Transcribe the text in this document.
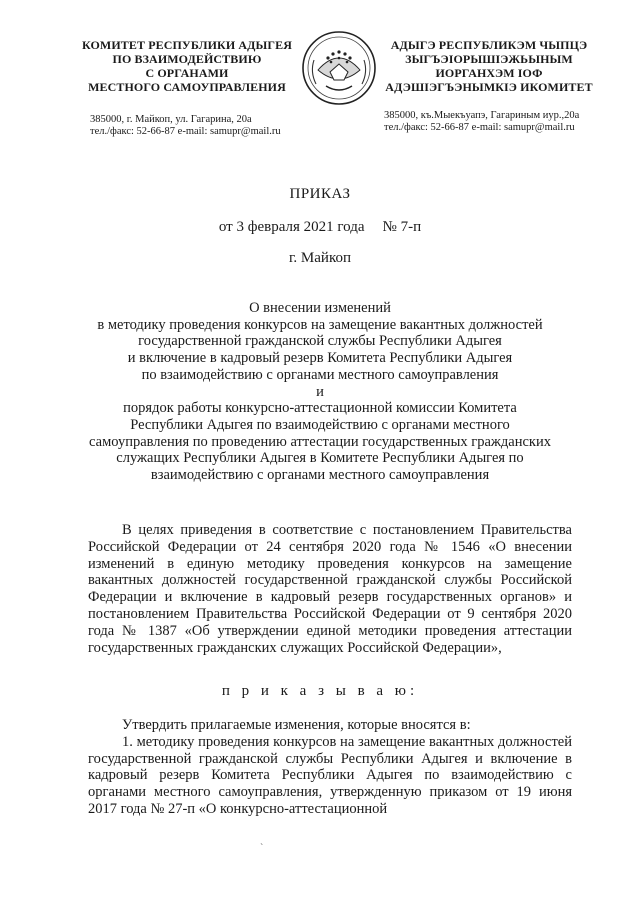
КОМИТЕТ РЕСПУБЛИКИ АДЫГЕЯ
ПО ВЗАИМОДЕЙСТВИЮ
С ОРГАНАМИ
МЕСТНОГО САМОУПРАВЛЕНИЯ
385000, г. Майкоп, ул. Гагарина, 20а
тел./факс: 52-66-87 e-mail: samupr@mail.ru
АДЫГЭ РЕСПУБЛИКЭМ ЧЫПЦЭ
ЗЫГЪЭІОРЫШІЭЖЬЫНЫМ
ИОРГАНХЭМ ІОФ
АДЭШІЭГЪЭНЫМКІЭ ИКОМИТЕТ
385000, къ.Мыекъуапэ, Гагариным иур.,20а
тел./факс: 52-66-87 e-mail: samupr@mail.ru
ПРИКАЗ
от 3 февраля 2021 года № 7-п
г. Майкоп
О внесении изменений
в методику проведения конкурсов на замещение вакантных должностей
государственной гражданской службы Республики Адыгея
и включение в кадровый резерв Комитета Республики Адыгея
по взаимодействию с органами местного самоуправления
и
порядок работы конкурсно-аттестационной комиссии Комитета
Республики Адыгея по взаимодействию с органами местного
самоуправления по проведению аттестации государственных гражданских
служащих Республики Адыгея в Комитете Республики Адыгея по
взаимодействию с органами местного самоуправления

В целях приведения в соответствие с постановлением Правительства Российской Федерации от 24 сентября 2020 года № 1546 «О внесении изменений в единую методику проведения конкурсов на замещение вакантных должностей государственной гражданской службы Российской Федерации и включение в кадровый резерв государственных органов» и постановлением Правительства Российской Федерации от 9 сентября 2020 года № 1387 «Об утверждении единой методики проведения аттестации государственных гражданских служащих Российской Федерации»,

п р и к а з ы в а ю:

Утвердить прилагаемые изменения, которые вносятся в:

1. методику проведения конкурсов на замещение вакантных должностей государственной гражданской службы Республики Адыгея и включение в кадровый резерв Комитета Республики Адыгея по взаимодействию с органами местного самоуправления, утвержденную приказом от 19 июня 2017 года № 27-п «О конкурсно-аттестационной

`
